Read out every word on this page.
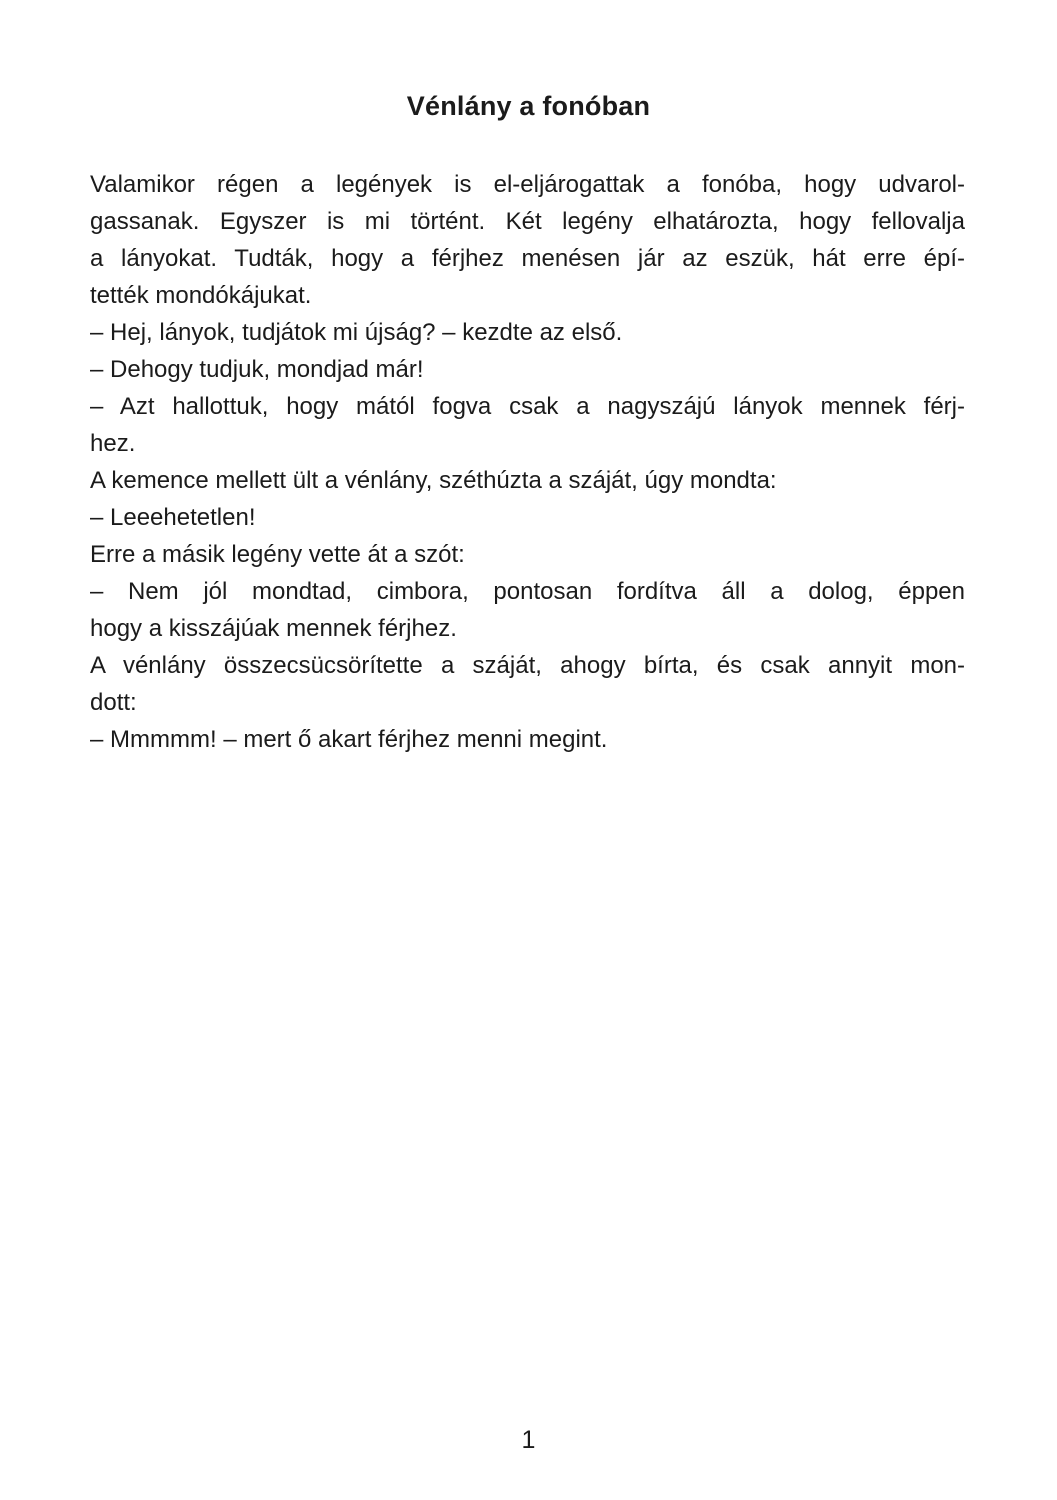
Vénlány a fonóban
Valamikor régen a legények is el-eljárogattak a fonóba, hogy udvarol-
gassanak. Egyszer is mi történt. Két legény elhatározta, hogy fellovalja
a lányokat. Tudták, hogy a férjhez menésen jár az eszük, hát erre épí-
tették mondókájukat.
– Hej, lányok, tudjátok mi újság? – kezdte az első.
– Dehogy tudjuk, mondjad már!
– Azt hallottuk, hogy mától fogva csak a nagyszájú lányok mennek férj-
hez.
A kemence mellett ült a vénlány, széthúzta a száját, úgy mondta:
– Leeehetetlen!
Erre a másik legény vette át a szót:
– Nem jól mondtad, cimbora, pontosan fordítva áll a dolog, éppen
hogy a kisszájúak mennek férjhez.
A vénlány összecsücsörítette a száját, ahogy bírta, és csak annyit mon-
dott:
– Mmmmm! – mert ő akart férjhez menni megint.
1
